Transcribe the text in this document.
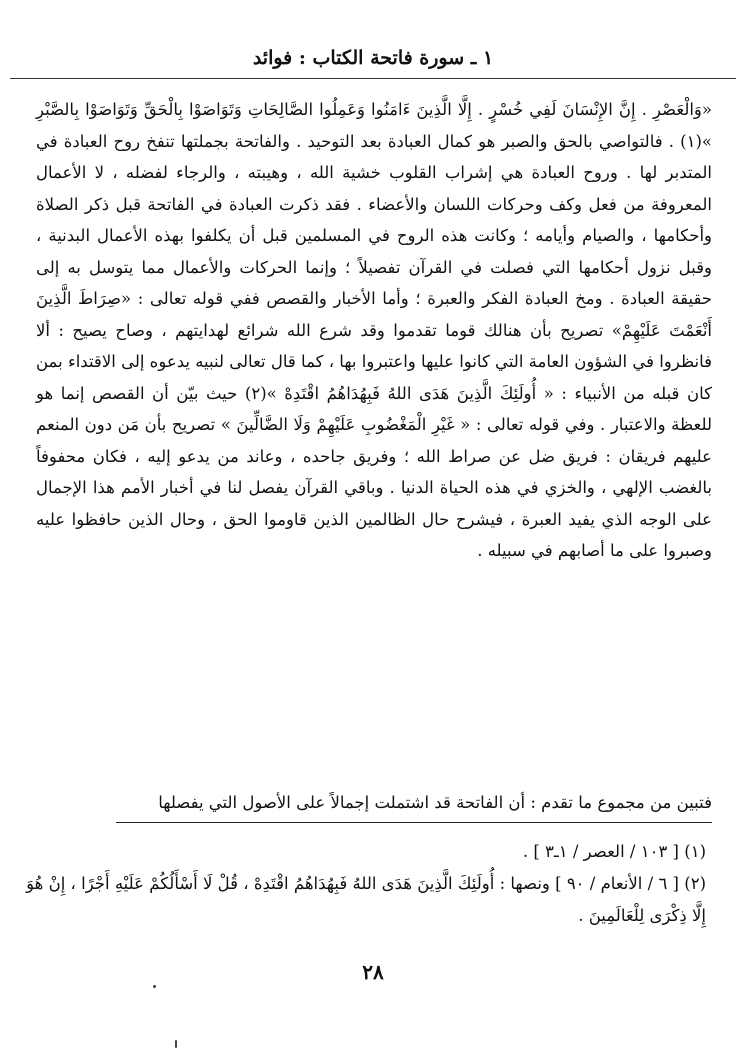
١ ـ سورة فاتحة الكتاب : فوائد

«وَالْعَصْرِ . إِنَّ الإِنْسَانَ لَفِي خُسْرٍ . إِلَّا الَّذِينَ ءَامَنُوا وَعَمِلُوا الصَّالِحَاتِ وَتَوَاصَوْا بِالْحَقِّ وَتَوَاصَوْا بِالصَّبْرِ »(١) . فالتواصي بالحق والصبر هو كمال العبادة بعد التوحيد . والفاتحة بجملتها تنفخ روح العبادة في المتدبر لها . وروح العبادة هي إشراب القلوب خشية الله ، وهيبته ، والرجاء لفضله ، لا الأعمال المعروفة من فعل وكف وحركات اللسان والأعضاء . فقد ذكرت العبادة في الفاتحة قبل ذكر الصلاة وأحكامها ، والصيام وأيامه ؛ وكانت هذه الروح في المسلمين قبل أن يكلفوا بهذه الأعمال البدنية ، وقبل نزول أحكامها التي فصلت في القرآن تفصيلاً ؛ وإنما الحركات والأعمال مما يتوسل به إلى حقيقة العبادة . ومخ العبادة الفكر والعبرة ؛ وأما الأخبار والقصص ففي قوله تعالى : «صِرَاطَ الَّذِينَ أَنْعَمْتَ عَلَيْهِمْ» تصريح بأن هنالك قوما تقدموا وقد شرع الله شرائع لهدايتهم ، وصاح يصيح : ألا فانظروا في الشؤون العامة التي كانوا عليها واعتبروا بها ، كما قال تعالى لنبيه يدعوه إلى الاقتداء بمن كان قبله من الأنبياء : « أُولَئِكَ الَّذِينَ هَدَى اللهُ فَبِهُدَاهُمُ اقْتَدِهْ »(٢) حيث بيّن أن القصص إنما هو للعظة والاعتبار . وفي قوله تعالى : « غَيْرِ الْمَغْضُوبِ عَلَيْهِمْ وَلَا الضَّالِّينَ » تصريح بأن مَن دون المنعم عليهم فريقان : فريق ضل عن صراط الله ؛ وفريق جاحده ، وعاند من يدعو إليه ، فكان محفوفاً بالغضب الإلهي ، والخزي في هذه الحياة الدنيا . وباقي القرآن يفصل لنا في أخبار الأمم هذا الإجمال على الوجه الذي يفيد العبرة ، فيشرح حال الظالمين الذين قاوموا الحق ، وحال الذين حافظوا عليه وصبروا على ما أصابهم في سبيله .

فتبين من مجموع ما تقدم : أن الفاتحة قد اشتملت إجمالاً على الأصول التي يفصلها

(١) [ ١٠٣ / العصر / ١ـ٣ ] .

(٢) [ ٦ / الأنعام / ٩٠ ] ونصها : أُولَئِكَ الَّذِينَ هَدَى اللهُ فَبِهُدَاهُمُ اقْتَدِهْ ، قُلْ لَا أَسْأَلُكُمْ عَلَيْهِ أَجْرًا ، إِنْ هُوَ إِلَّا ذِكْرَى لِلْعَالَمِينَ .

٢٨
